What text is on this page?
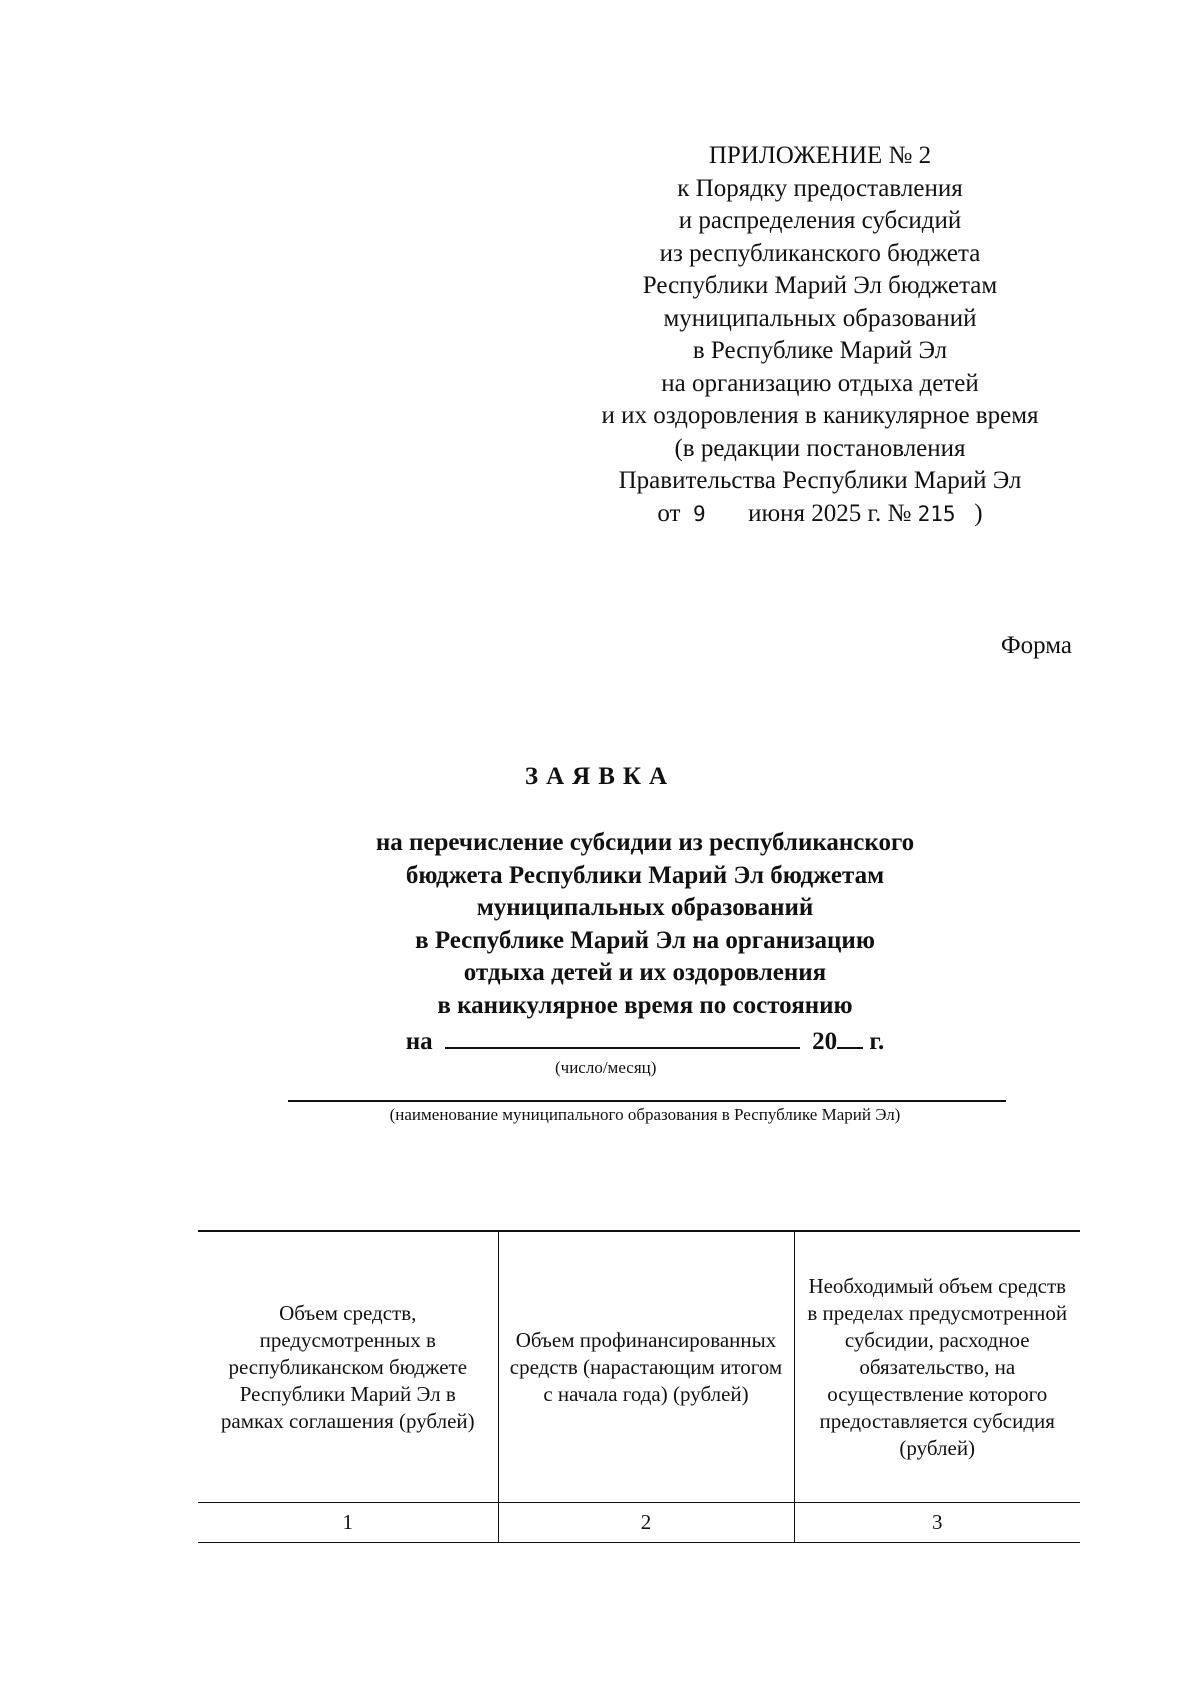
ПРИЛОЖЕНИЕ № 2
к Порядку предоставления
и распределения субсидий
из республиканского бюджета
Республики Марий Эл бюджетам
муниципальных образований
в Республике Марий Эл
на организацию отдыха детей
и их оздоровления в каникулярное время
(в редакции постановления
Правительства Республики Марий Эл
от 9 июня 2025 г. № 215 )
Форма
ЗАЯВКА
на перечисление субсидии из республиканского
бюджета Республики Марий Эл бюджетам
муниципальных образований
в Республике Марий Эл на организацию
отдыха детей и их оздоровления
в каникулярное время по состоянию
на	20 г.
(число/месяц)
(наименование муниципального образования в Республике Марий Эл)
Объем средств, предусмотренных в республиканском бюджете Республики Марий Эл в рамках соглашения (рублей)	Объем профинансированных средств (нарастающим итогом с начала года) (рублей)	Необходимый объем средств в пределах предусмотренной субсидии, расходное обязательство, на осуществление которого предоставляется субсидия (рублей)
1	2	3
